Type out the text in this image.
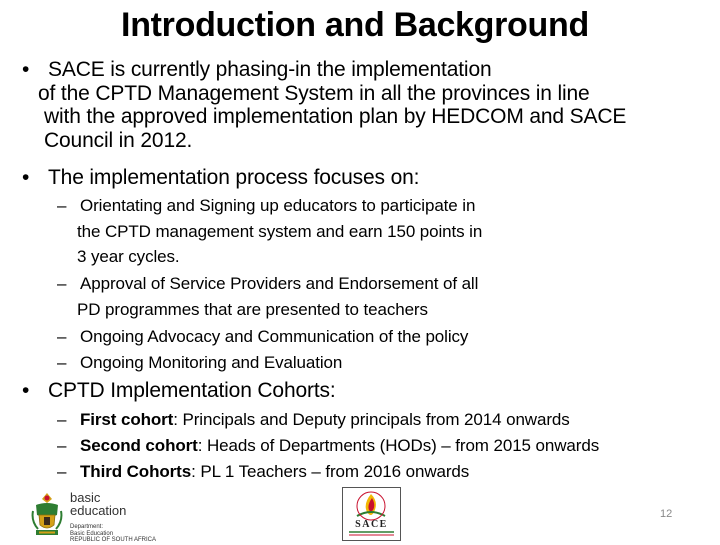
Introduction and Background
• SACE is currently phasing-in the implementation
of the CPTD Management System in all the provinces in line
with the approved implementation plan by HEDCOM and SACE
Council in 2012.
• The implementation process focuses on:
– Orientating and Signing up educators to participate in
the CPTD management system and earn 150 points in
3 year cycles.
– Approval of Service Providers and Endorsement of all
PD programmes that are presented to teachers
– Ongoing Advocacy and Communication of the policy
– Ongoing Monitoring and Evaluation
• CPTD Implementation Cohorts:
– First cohort: Principals and Deputy principals from 2014 onwards
– Second cohort: Heads of Departments (HODs) – from 2015 onwards
– Third Cohorts: PL 1 Teachers – from 2016 onwards
basic education
Department:
Basic Education
REPUBLIC OF SOUTH AFRICA
SACE
12
